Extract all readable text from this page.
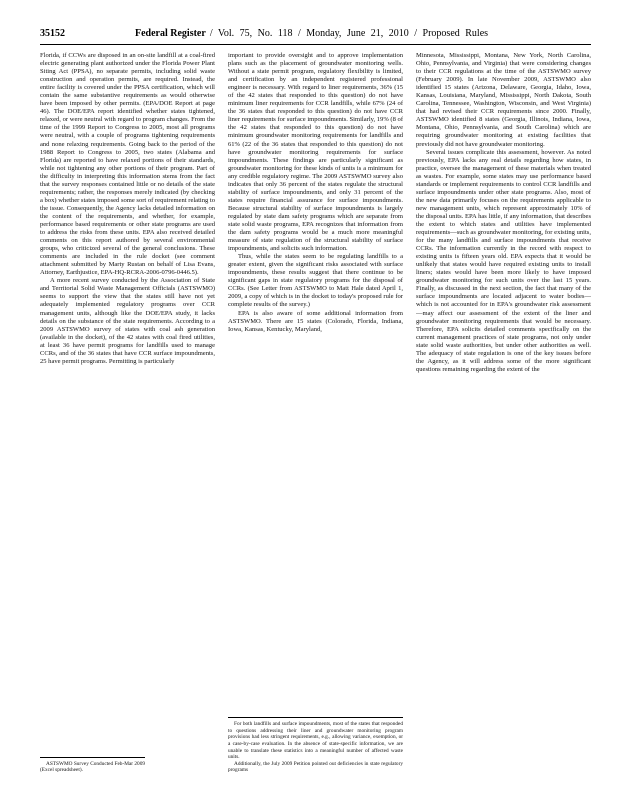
35152	Federal Register / Vol. 75, No. 118 / Monday, June 21, 2010 / Proposed Rules

Florida, if CCWs are disposed in an on-site landfill at a coal-fired electric generating plant authorized under the Florida Power Plant Siting Act (PPSA), no separate permits, including solid waste construction and operation permits, are required. Instead, the entire facility is covered under the PPSA certification, which will contain the same substantive requirements as would otherwise have been imposed by other permits. (EPA/DOE Report at page 46). The DOE/EPA report identified whether states tightened, relaxed, or were neutral with regard to program changes. From the time of the 1999 Report to Congress to 2005, most all programs were neutral, with a couple of programs tightening requirements and none relaxing requirements. Going back to the period of the 1988 Report to Congress to 2005, two states (Alabama and Florida) are reported to have relaxed portions of their standards, while not tightening any other portions of their program. Part of the difficulty in interpreting this information stems from the fact that the survey responses contained little or no details of the state requirements; rather, the responses merely indicated (by checking a box) whether states imposed some sort of requirement relating to the issue. Consequently, the Agency lacks detailed information on the content of the requirements, and whether, for example, performance based requirements or other state programs are used to address the risks from these units. EPA also received detailed comments on this report authored by several environmental groups, who criticized several of the general conclusions. These comments are included in the rule docket (see comment attachment submitted by Marty Rustan on behalf of Lisa Evans, Attorney, Earthjustice, EPA-HQ-RCRA-2006-0796-0446.5).

A more recent survey conducted by the Association of State and Territorial Solid Waste Management Officials (ASTSWMO) seems to support the view that the states still have not yet adequately implemented regulatory programs over CCR management units, although like the DOE/EPA study, it lacks details on the substance of the state requirements. According to a 2009 ASTSWMO survey of states with coal ash generation (available in the docket), of the 42 states with coal fired utilities, at least 36 have permit programs for landfills used to manage CCRs, and of the 36 states that have CCR surface impoundments, 25 have permit programs. Permitting is particularly

ASTSWMO Survey Conducted Feb-Mar 2009 (Excel spreadsheet).

important to provide oversight and to approve implementation plans such as the placement of groundwater monitoring wells. Without a state permit program, regulatory flexibility is limited, and certification by an independent registered professional engineer is necessary. With regard to liner requirements, 36% (15 of the 42 states that responded to this question) do not have minimum liner requirements for CCR landfills, while 67% (24 of the 36 states that responded to this question) do not have CCR liner requirements for surface impoundments. Similarly, 19% (8 of the 42 states that responded to this question) do not have minimum groundwater monitoring requirements for landfills and 61% (22 of the 36 states that responded to this question) do not have groundwater monitoring requirements for surface impoundments. These findings are particularly significant as groundwater monitoring for these kinds of units is a minimum for any credible regulatory regime. The 2009 ASTSWMO survey also indicates that only 36 percent of the states regulate the structural stability of surface impoundments, and only 31 percent of the states require financial assurance for surface impoundments. Because structural stability of surface impoundments is largely regulated by state dam safety programs which are separate from state solid waste programs, EPA recognizes that information from the dam safety programs would be a much more meaningful measure of state regulation of the structural stability of surface impoundments, and solicits such information.

Thus, while the states seem to be regulating landfills to a greater extent, given the significant risks associated with surface impoundments, these results suggest that there continue to be significant gaps in state regulatory programs for the disposal of CCRs. (See Letter from ASTSWMO to Matt Hale dated April 1, 2009, a copy of which is in the docket to today's proposed rule for complete results of the survey.)

EPA is also aware of some additional information from ASTSWMO. There are 15 states (Colorado, Florida, Indiana, Iowa, Kansas, Kentucky, Maryland,

For both landfills and surface impoundments, most of the states that responded to questions addressing their liner and groundwater monitoring program provisions had less stringent requirements, e.g., allowing variance, exemption, or a case-by-case evaluation. In the absence of state-specific information, we are unable to translate these statistics into a meaningful number of affected waste units.

Additionally, the July 2009 Petition pointed out deficiencies in state regulatory programs

Minnesota, Mississippi, Montana, New York, North Carolina, Ohio, Pennsylvania, and Virginia) that were considering changes to their CCR regulations at the time of the ASTSWMO survey (February 2009). In late November 2009, ASTSWMO also identified 15 states (Arizona, Delaware, Georgia, Idaho, Iowa, Kansas, Louisiana, Maryland, Mississippi, North Dakota, South Carolina, Tennessee, Washington, Wisconsin, and West Virginia) that had revised their CCR requirements since 2000. Finally, ASTSWMO identified 8 states (Georgia, Illinois, Indiana, Iowa, Montana, Ohio, Pennsylvania, and South Carolina) which are requiring groundwater monitoring at existing facilities that previously did not have groundwater monitoring.

Several issues complicate this assessment, however. As noted previously, EPA lacks any real details regarding how states, in practice, oversee the management of these materials when treated as wastes. For example, some states may use performance based standards or implement requirements to control CCR landfills and surface impoundments under other state programs. Also, most of the new data primarily focuses on the requirements applicable to new management units, which represent approximately 10% of the disposal units. EPA has little, if any information, that describes the extent to which states and utilities have implemented requirements—such as groundwater monitoring, for existing units, for the many landfills and surface impoundments that receive CCRs. The information currently in the record with respect to existing units is fifteen years old. EPA expects that it would be unlikely that states would have required existing units to install liners; states would have been more likely to have imposed groundwater monitoring for such units over the last 15 years. Finally, as discussed in the next section, the fact that many of the surface impoundments are located adjacent to water bodies—which is not accounted for in EPA's groundwater risk assessment—may affect our assessment of the extent of the liner and groundwater monitoring requirements that would be necessary. Therefore, EPA solicits detailed comments specifically on the current management practices of state programs, not only under state solid waste authorities, but under other authorities as well. The adequacy of state regulation is one of the key issues before the Agency, as it will address some of the more significant questions remaining regarding the extent of the
